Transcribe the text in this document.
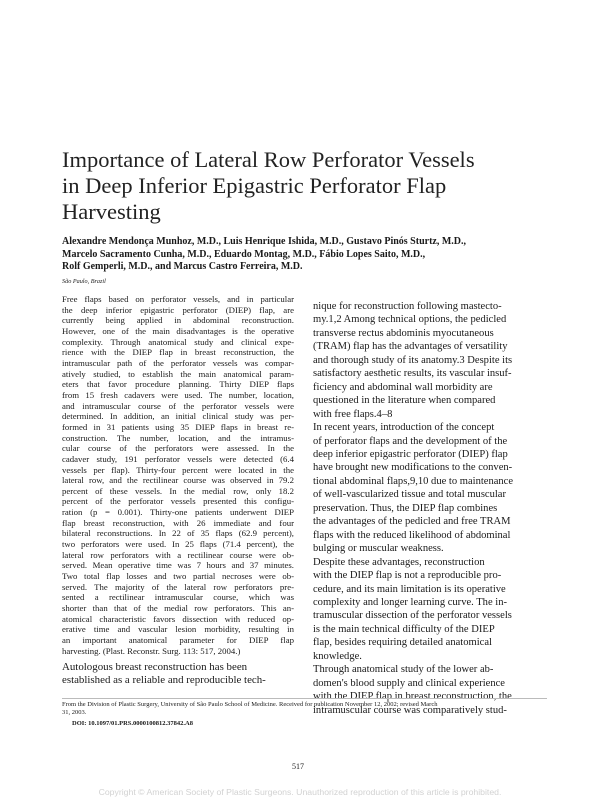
Importance of Lateral Row Perforator Vessels
in Deep Inferior Epigastric Perforator Flap
Harvesting
Alexandre Mendonça Munhoz, M.D., Luis Henrique Ishida, M.D., Gustavo Pinós Sturtz, M.D.,
Marcelo Sacramento Cunha, M.D., Eduardo Montag, M.D., Fábio Lopes Saito, M.D.,
Rolf Gemperli, M.D., and Marcus Castro Ferreira, M.D.
São Paulo, Brazil
Free flaps based on perforator vessels, and in particular
the deep inferior epigastric perforator (DIEP) flap, are
currently being applied in abdominal reconstruction.
However, one of the main disadvantages is the operative
complexity. Through anatomical study and clinical expe-
rience with the DIEP flap in breast reconstruction, the
intramuscular path of the perforator vessels was compar-
atively studied, to establish the main anatomical param-
eters that favor procedure planning. Thirty DIEP flaps
from 15 fresh cadavers were used. The number, location,
and intramuscular course of the perforator vessels were
determined. In addition, an initial clinical study was per-
formed in 31 patients using 35 DIEP flaps in breast re-
construction. The number, location, and the intramus-
cular course of the perforators were assessed. In the
cadaver study, 191 perforator vessels were detected (6.4
vessels per flap). Thirty-four percent were located in the
lateral row, and the rectilinear course was observed in 79.2
percent of these vessels. In the medial row, only 18.2
percent of the perforator vessels presented this configu-
ration (p = 0.001). Thirty-one patients underwent DIEP
flap breast reconstruction, with 26 immediate and four
bilateral reconstructions. In 22 of 35 flaps (62.9 percent),
two perforators were used. In 25 flaps (71.4 percent), the
lateral row perforators with a rectilinear course were ob-
served. Mean operative time was 7 hours and 37 minutes.
Two total flap losses and two partial necroses were ob-
served. The majority of the lateral row perforators pre-
sented a rectilinear intramuscular course, which was
shorter than that of the medial row perforators. This an-
atomical characteristic favors dissection with reduced op-
erative time and vascular lesion morbidity, resulting in
an important anatomical parameter for DIEP flap
harvesting. (Plast. Reconstr. Surg. 113: 517, 2004.)
Autologous breast reconstruction has been
established as a reliable and reproducible tech-
nique for reconstruction following mastecto-
my.1,2 Among technical options, the pedicled
transverse rectus abdominis myocutaneous
(TRAM) flap has the advantages of versatility
and thorough study of its anatomy.3 Despite its
satisfactory aesthetic results, its vascular insuf-
ficiency and abdominal wall morbidity are
questioned in the literature when compared
with free flaps.4–8
In recent years, introduction of the concept
of perforator flaps and the development of the
deep inferior epigastric perforator (DIEP) flap
have brought new modifications to the conven-
tional abdominal flaps,9,10 due to maintenance
of well-vascularized tissue and total muscular
preservation. Thus, the DIEP flap combines
the advantages of the pedicled and free TRAM
flaps with the reduced likelihood of abdominal
bulging or muscular weakness.
Despite these advantages, reconstruction
with the DIEP flap is not a reproducible pro-
cedure, and its main limitation is its operative
complexity and longer learning curve. The in-
tramuscular dissection of the perforator vessels
is the main technical difficulty of the DIEP
flap, besides requiring detailed anatomical
knowledge.
Through anatomical study of the lower ab-
domen's blood supply and clinical experience
with the DIEP flap in breast reconstruction, the
intramuscular course was comparatively stud-
From the Division of Plastic Surgery, University of São Paulo School of Medicine. Received for publication November 12, 2002; revised March
31, 2003.
DOI: 10.1097/01.PRS.0000100812.37842.A8
517
Copyright © American Society of Plastic Surgeons. Unauthorized reproduction of this article is prohibited.
